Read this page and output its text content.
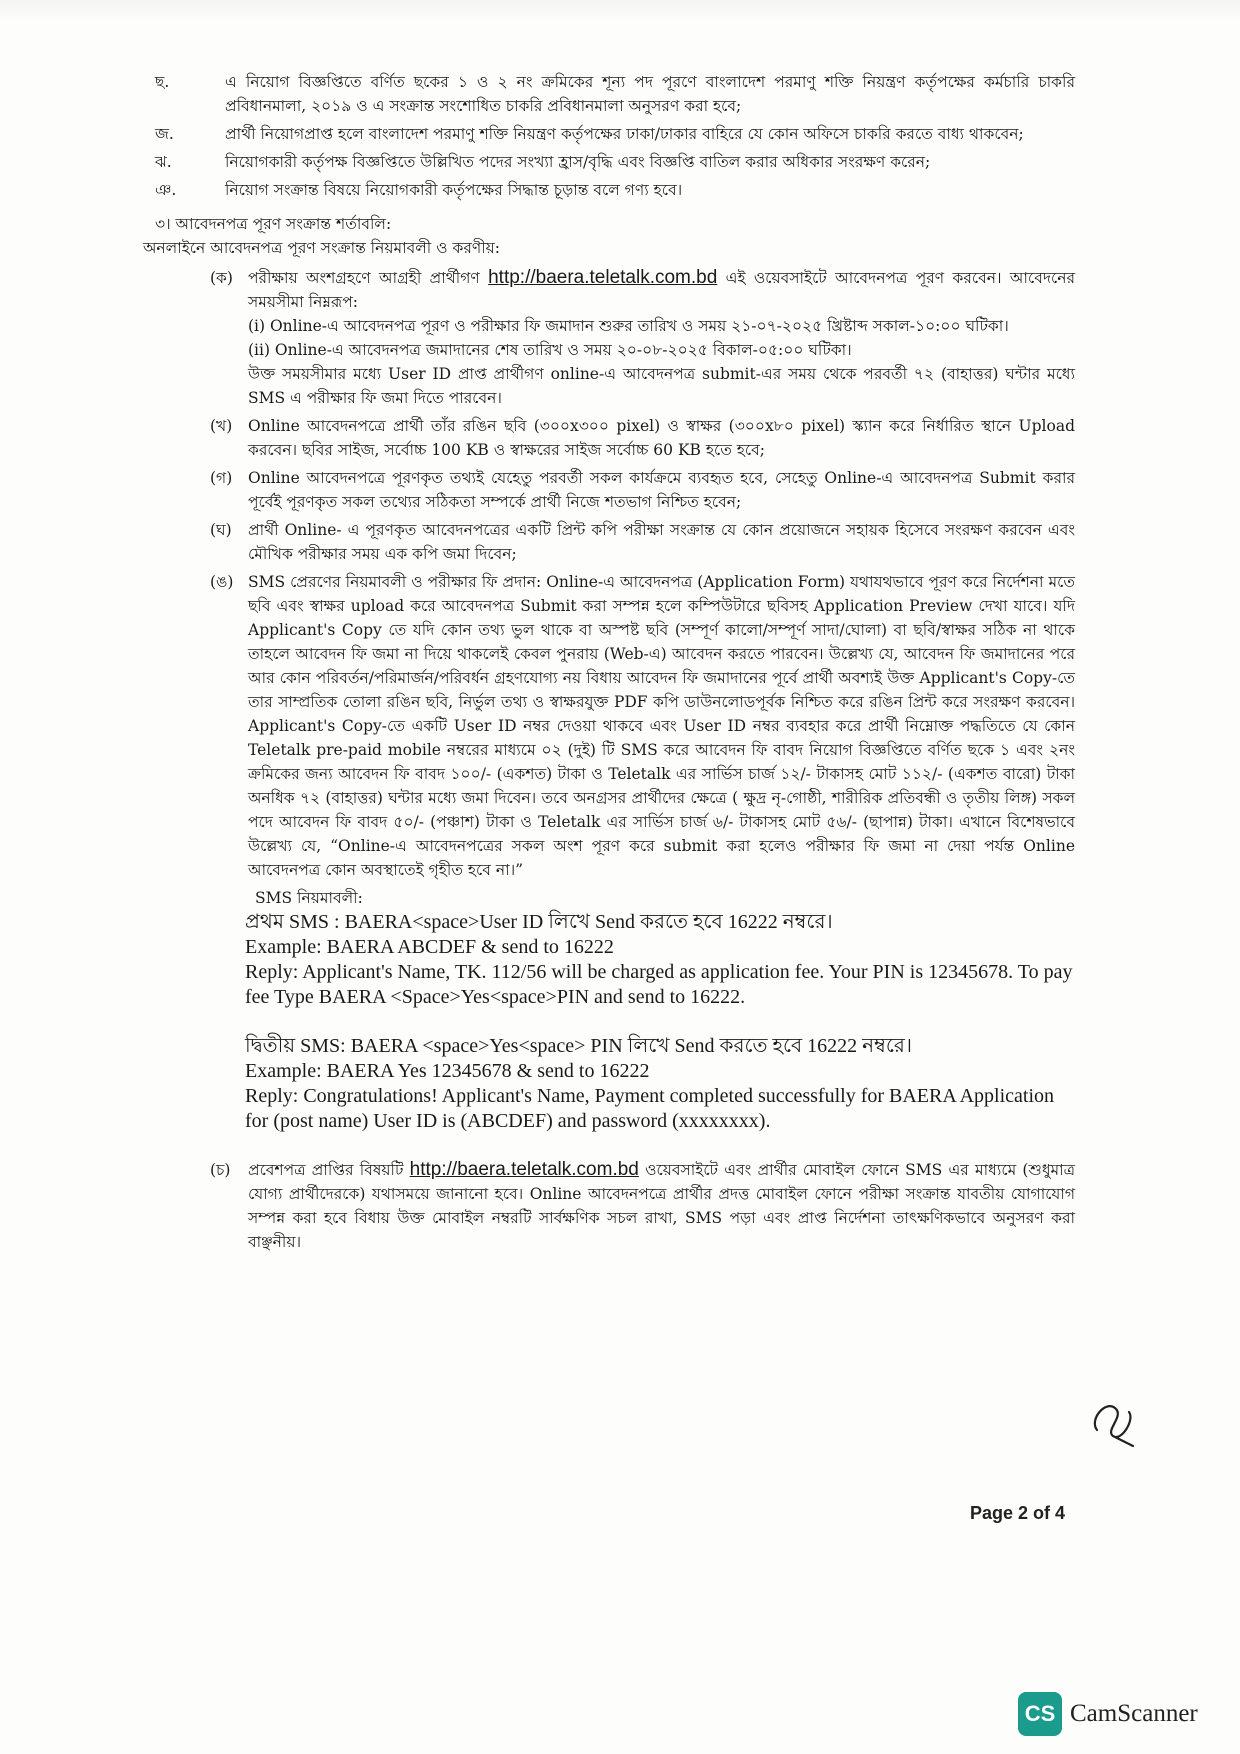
ছ.	এ নিয়োগ বিজ্ঞপ্তিতে বর্ণিত ছকের ১ ও ২ নং ক্রমিকের শূন্য পদ পূরণে বাংলাদেশ পরমাণু শক্তি নিয়ন্ত্রণ কর্তৃপক্ষের কর্মচারি চাকরি প্রবিধানমালা, ২০১৯ ও এ সংক্রান্ত সংশোধিত চাকরি প্রবিধানমালা অনুসরণ করা হবে;
জ.	প্রার্থী নিয়োগপ্রাপ্ত হলে বাংলাদেশ পরমাণু শক্তি নিয়ন্ত্রণ কর্তৃপক্ষের ঢাকা/ঢাকার বাহিরে যে কোন অফিসে চাকরি করতে বাধ্য থাকবেন;
ঝ.	নিয়োগকারী কর্তৃপক্ষ বিজ্ঞপ্তিতে উল্লিখিত পদের সংখ্যা হ্রাস/বৃদ্ধি এবং বিজ্ঞপ্তি বাতিল করার অধিকার সংরক্ষণ করেন;
ঞ.	নিয়োগ সংক্রান্ত বিষয়ে নিয়োগকারী কর্তৃপক্ষের সিদ্ধান্ত চূড়ান্ত বলে গণ্য হবে।
৩। আবেদনপত্র পূরণ সংক্রান্ত শর্তাবলি:
অনলাইনে আবেদনপত্র পূরণ সংক্রান্ত নিয়মাবলী ও করণীয়:
(ক) পরীক্ষায় অংশগ্রহণে আগ্রহী প্রার্থীগণ http://baera.teletalk.com.bd এই ওয়েবসাইটে আবেদনপত্র পূরণ করবেন। আবেদনের সময়সীমা নিম্নরূপ:
(i) Online-এ আবেদনপত্র পূরণ ও পরীক্ষার ফি জমাদান শুরুর তারিখ ও সময় ২১-০৭-২০২৫ খ্রিষ্টাব্দ সকাল-১০:০০ ঘটিকা।
(ii) Online-এ আবেদনপত্র জমাদানের শেষ তারিখ ও সময় ২০-০৮-২০২৫ বিকাল-০৫:০০ ঘটিকা।
উক্ত সময়সীমার মধ্যে User ID প্রাপ্ত প্রার্থীগণ online-এ আবেদনপত্র submit-এর সময় থেকে পরবর্তী ৭২ (বাহাত্তর) ঘন্টার মধ্যে SMS এ পরীক্ষার ফি জমা দিতে পারবেন।
(খ)	Online আবেদনপত্রে প্রার্থী তাঁর রঙিন ছবি (৩০০x৩০০ pixel) ও স্বাক্ষর (৩০০x৮০ pixel) স্ক্যান করে নির্ধারিত স্থানে Upload করবেন। ছবির সাইজ, সর্বোচ্চ 100 KB ও স্বাক্ষরের সাইজ সর্বোচ্চ 60 KB হতে হবে;
(গ)	Online আবেদনপত্রে পূরণকৃত তথ্যই যেহেতু পরবর্তী সকল কার্যক্রমে ব্যবহৃত হবে, সেহেতু Online-এ আবেদনপত্র Submit করার পূর্বেই পূরণকৃত সকল তথ্যের সঠিকতা সম্পর্কে প্রার্থী নিজে শতভাগ নিশ্চিত হবেন;
(ঘ)	প্রার্থী Online- এ পূরণকৃত আবেদনপত্রের একটি প্রিন্ট কপি পরীক্ষা সংক্রান্ত যে কোন প্রয়োজনে সহায়ক হিসেবে সংরক্ষণ করবেন এবং মৌখিক পরীক্ষার সময় এক কপি জমা দিবেন;
(ঙ) SMS প্রেরণের নিয়মাবলী ও পরীক্ষার ফি প্রদান: Online-এ আবেদনপত্র (Application Form) যথাযথভাবে পূরণ করে নির্দেশনা মতে ছবি এবং স্বাক্ষর upload করে আবেদনপত্র Submit করা সম্পন্ন হলে কম্পিউটারে ছবিসহ Application Preview দেখা যাবে। যদি Applicant's Copy তে যদি কোন তথ্য ভুল থাকে বা অস্পষ্ট ছবি (সম্পূর্ণ কালো/সম্পূর্ণ সাদা/ঘোলা) বা ছবি/স্বাক্ষর সঠিক না থাকে তাহলে আবেদন ফি জমা না দিয়ে থাকলেই কেবল পুনরায় (Web-এ) আবেদন করতে পারবেন। উল্লেখ্য যে, আবেদন ফি জমাদানের পরে আর কোন পরিবর্তন/পরিমার্জন/পরিবর্ধন গ্রহণযোগ্য নয় বিধায় আবেদন ফি জমাদানের পূর্বে প্রার্থী অবশ্যই উক্ত Applicant's Copy-তে তার সাম্প্রতিক তোলা রঙিন ছবি, নির্ভুল তথ্য ও স্বাক্ষরযুক্ত PDF কপি ডাউনলোডপূর্বক নিশ্চিত করে রঙিন প্রিন্ট করে সংরক্ষণ করবেন। Applicant's Copy-তে একটি User ID নম্বর দেওয়া থাকবে এবং User ID নম্বর ব্যবহার করে প্রার্থী নিম্নোক্ত পদ্ধতিতে যে কোন Teletalk pre-paid mobile নম্বরের মাধ্যমে ০২ (দুই) টি SMS করে আবেদন ফি বাবদ নিয়োগ বিজ্ঞপ্তিতে বর্ণিত ছকে ১ এবং ২নং ক্রমিকের জন্য আবেদন ফি বাবদ ১০০/- (একশত) টাকা ও Teletalk এর সার্ভিস চার্জ ১২/- টাকাসহ মোট ১১২/- (একশত বারো) টাকা অনধিক ৭২ (বাহাত্তর) ঘন্টার মধ্যে জমা দিবেন। তবে অনগ্রসর প্রার্থীদের ক্ষেত্রে ( ক্ষুদ্র নৃ-গোষ্ঠী, শারীরিক প্রতিবন্ধী ও তৃতীয় লিঙ্গ) সকল পদে আবেদন ফি বাবদ ৫০/- (পঞ্চাশ) টাকা ও Teletalk এর সার্ভিস চার্জ ৬/- টাকাসহ মোট ৫৬/- (ছাপান্ন) টাকা। এখানে বিশেষভাবে উল্লেখ্য যে, “Online-এ আবেদনপত্রের সকল অংশ পূরণ করে submit করা হলেও পরীক্ষার ফি জমা না দেয়া পর্যন্ত Online আবেদনপত্র কোন অবস্থাতেই গৃহীত হবে না।”
SMS নিয়মাবলী:
প্রথম SMS : BAERA<space>User ID লিখে Send করতে হবে 16222 নম্বরে।
Example: BAERA ABCDEF & send to 16222
Reply: Applicant's Name, TK. 112/56 will be charged as application fee. Your PIN is 12345678. To pay fee Type BAERA <Space>Yes<space>PIN and send to 16222.
দ্বিতীয় SMS: BAERA <space>Yes<space> PIN লিখে Send করতে হবে 16222 নম্বরে।
Example: BAERA Yes 12345678 & send to 16222
Reply: Congratulations! Applicant's Name, Payment completed successfully for BAERA Application for (post name) User ID is (ABCDEF) and password (xxxxxxxx).
(চ)	প্রবেশপত্র প্রাপ্তির বিষয়টি http://baera.teletalk.com.bd ওয়েবসাইটে এবং প্রার্থীর মোবাইল ফোনে SMS এর মাধ্যমে (শুধুমাত্র যোগ্য প্রার্থীদেরকে) যথাসময়ে জানানো হবে। Online আবেদনপত্রে প্রার্থীর প্রদত্ত মোবাইল ফোনে পরীক্ষা সংক্রান্ত যাবতীয় যোগাযোগ সম্পন্ন করা হবে বিধায় উক্ত মোবাইল নম্বরটি সার্বক্ষণিক সচল রাখা, SMS পড়া এবং প্রাপ্ত নির্দেশনা তাৎক্ষণিকভাবে অনুসরণ করা বাঞ্ছনীয়।
Page 2 of 4
CS CamScanner
